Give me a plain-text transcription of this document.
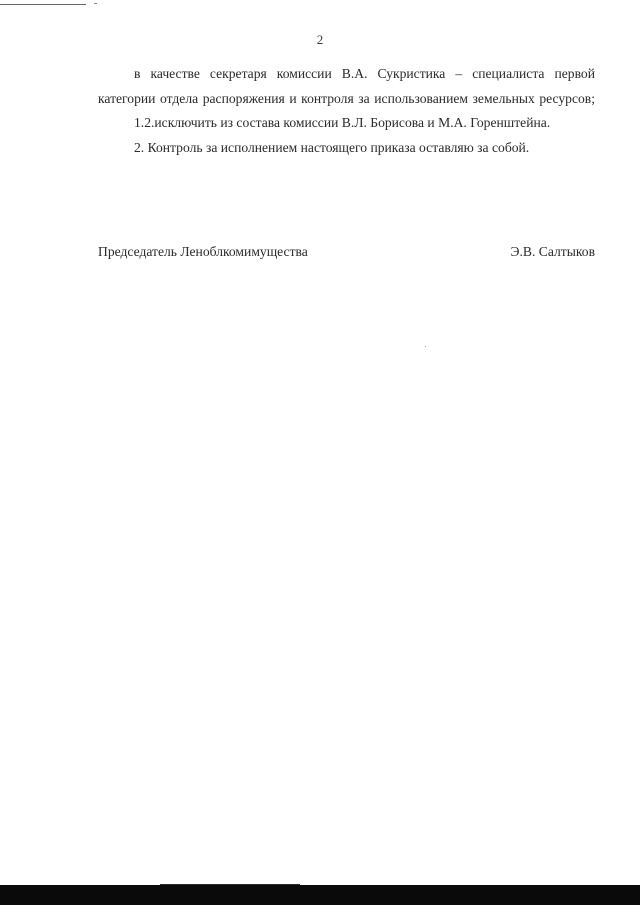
2

в качестве секретаря комиссии В.А. Сукристика – специалиста первой категории отдела распоряжения и контроля за использованием земельных ресурсов;

1.2.исключить из состава комиссии В.Л. Борисова и М.А. Горенштейна.

2. Контроль за исполнением настоящего приказа оставляю за собой.

Председатель Леноблкомимущества	Э.В. Салтыков
